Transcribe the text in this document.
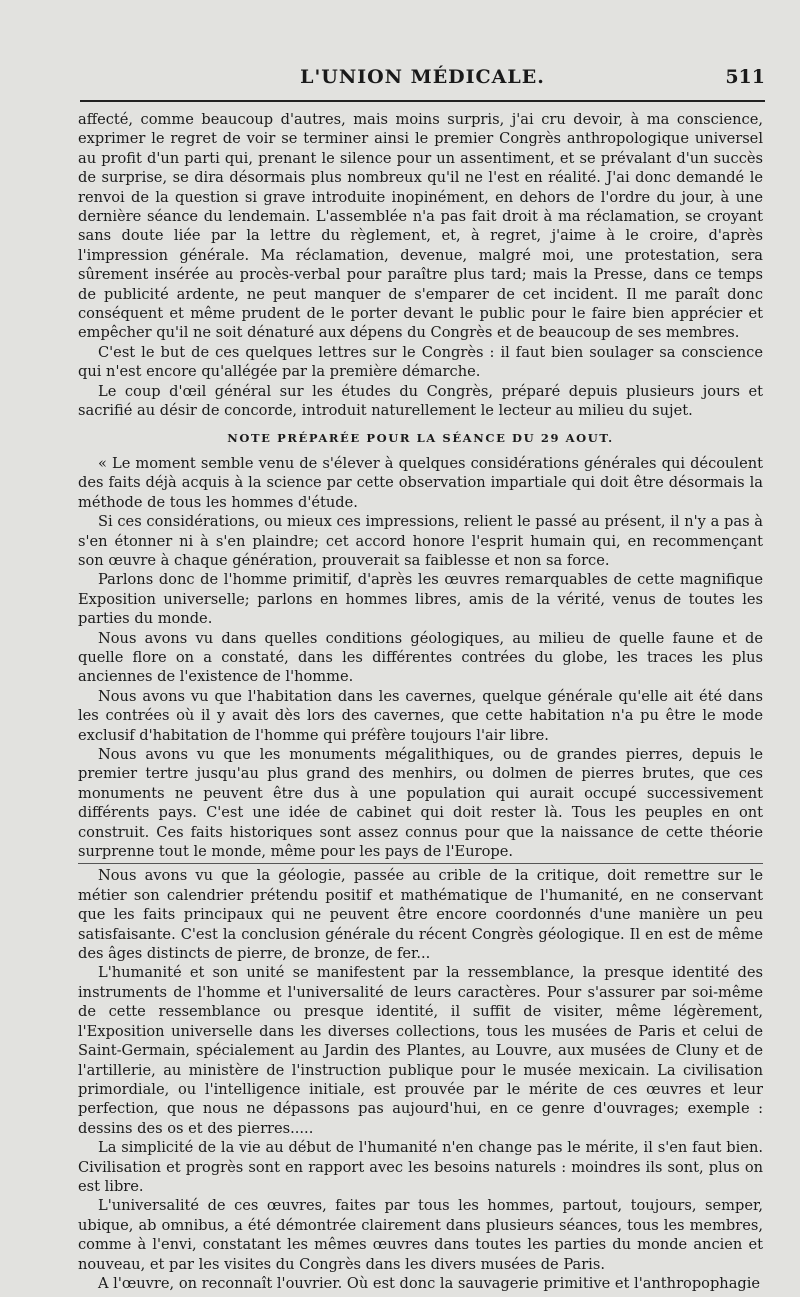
L'UNION MÉDICALE.	511

affecté, comme beaucoup d'autres, mais moins surpris, j'ai cru devoir, à ma conscience, exprimer le regret de voir se terminer ainsi le premier Congrès anthropologique universel au profit d'un parti qui, prenant le silence pour un assentiment, et se prévalant d'un succès de surprise, se dira désormais plus nombreux qu'il ne l'est en réalité. J'ai donc demandé le renvoi de la question si grave introduite inopinément, en dehors de l'ordre du jour, à une dernière séance du lendemain. L'assemblée n'a pas fait droit à ma réclamation, se croyant sans doute liée par la lettre du règlement, et, à regret, j'aime à le croire, d'après l'impression générale. Ma réclamation, devenue, malgré moi, une protestation, sera sûrement insérée au procès-verbal pour paraître plus tard; mais la Presse, dans ce temps de publicité ardente, ne peut manquer de s'emparer de cet incident. Il me paraît donc conséquent et même prudent de le porter devant le public pour le faire bien apprécier et empêcher qu'il ne soit dénaturé aux dépens du Congrès et de beaucoup de ses membres.

C'est le but de ces quelques lettres sur le Congrès : il faut bien soulager sa conscience qui n'est encore qu'allégée par la première démarche.

Le coup d'œil général sur les études du Congrès, préparé depuis plusieurs jours et sacrifié au désir de concorde, introduit naturellement le lecteur au milieu du sujet.

NOTE PRÉPARÉE POUR LA SÉANCE DU 29 AOUT.

« Le moment semble venu de s'élever à quelques considérations générales qui découlent des faits déjà acquis à la science par cette observation impartiale qui doit être désormais la méthode de tous les hommes d'étude.

Si ces considérations, ou mieux ces impressions, relient le passé au présent, il n'y a pas à s'en étonner ni à s'en plaindre; cet accord honore l'esprit humain qui, en recommençant son œuvre à chaque génération, prouverait sa faiblesse et non sa force.

Parlons donc de l'homme primitif, d'après les œuvres remarquables de cette magnifique Exposition universelle; parlons en hommes libres, amis de la vérité, venus de toutes les parties du monde.

Nous avons vu dans quelles conditions géologiques, au milieu de quelle faune et de quelle flore on a constaté, dans les différentes contrées du globe, les traces les plus anciennes de l'existence de l'homme.

Nous avons vu que l'habitation dans les cavernes, quelque générale qu'elle ait été dans les contrées où il y avait dès lors des cavernes, que cette habitation n'a pu être le mode exclusif d'habitation de l'homme qui préfère toujours l'air libre.

Nous avons vu que les monuments mégalithiques, ou de grandes pierres, depuis le premier tertre jusqu'au plus grand des menhirs, ou dolmen de pierres brutes, que ces monuments ne peuvent être dus à une population qui aurait occupé successivement différents pays. C'est une idée de cabinet qui doit rester là. Tous les peuples en ont construit. Ces faits historiques sont assez connus pour que la naissance de cette théorie surprenne tout le monde, même pour les pays de l'Europe.

Nous avons vu que la géologie, passée au crible de la critique, doit remettre sur le métier son calendrier prétendu positif et mathématique de l'humanité, en ne conservant que les faits principaux qui ne peuvent être encore coordonnés d'une manière un peu satisfaisante. C'est la conclusion générale du récent Congrès géologique. Il en est de même des âges distincts de pierre, de bronze, de fer...

L'humanité et son unité se manifestent par la ressemblance, la presque identité des instruments de l'homme et l'universalité de leurs caractères. Pour s'assurer par soi-même de cette ressemblance ou presque identité, il suffit de visiter, même légèrement, l'Exposition universelle dans les diverses collections, tous les musées de Paris et celui de Saint-Germain, spécialement au Jardin des Plantes, au Louvre, aux musées de Cluny et de l'artillerie, au ministère de l'instruction publique pour le musée mexicain. La civilisation primordiale, ou l'intelligence initiale, est prouvée par le mérite de ces œuvres et leur perfection, que nous ne dépassons pas aujourd'hui, en ce genre d'ouvrages; exemple : dessins des os et des pierres.....

La simplicité de la vie au début de l'humanité n'en change pas le mérite, il s'en faut bien. Civilisation et progrès sont en rapport avec les besoins naturels : moindres ils sont, plus on est libre.

L'universalité de ces œuvres, faites par tous les hommes, partout, toujours, semper, ubique, ab omnibus, a été démontrée clairement dans plusieurs séances, tous les membres, comme à l'envi, constatant les mêmes œuvres dans toutes les parties du monde ancien et nouveau, et par les visites du Congrès dans les divers musées de Paris.

A l'œuvre, on reconnaît l'ouvrier. Où est donc la sauvagerie primitive et l'anthropophagie
